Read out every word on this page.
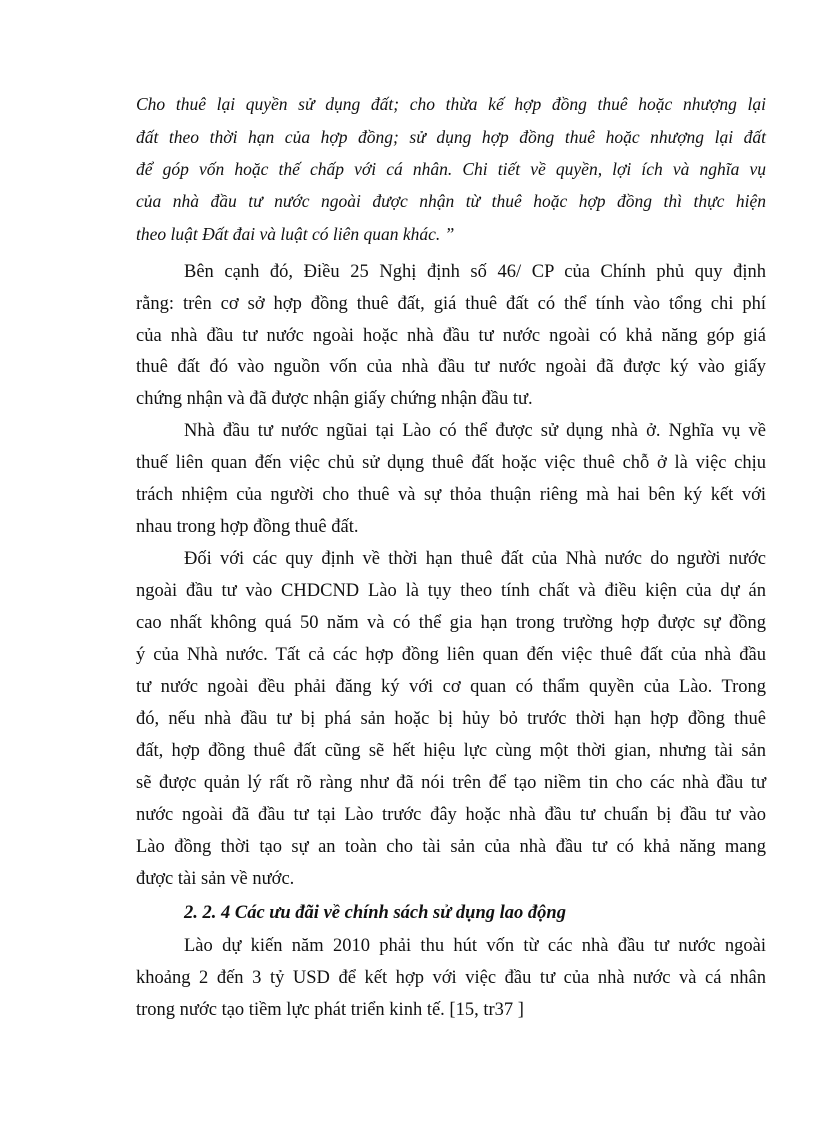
Cho thuê lại quyền sử dụng đất; cho thừa kế hợp đồng thuê hoặc nhượng lại
đất theo thời hạn của hợp đồng; sử dụng hợp đồng thuê hoặc nhượng lại đất
để góp vốn hoặc thế chấp với cá nhân. Chi tiết về quyền, lợi ích và nghĩa vụ
của nhà đầu tư nước ngoài được nhận từ thuê hoặc hợp đồng thì thực hiện
theo luật Đất đai và luật có liên quan khác. ”
Bên cạnh đó, Điều 25 Nghị định số 46/ CP của Chính phủ quy định
rằng: trên cơ sở hợp đồng thuê đất, giá thuê đất có thể tính vào tổng chi phí
của nhà đầu tư nước ngoài hoặc nhà đầu tư nước ngoài có khả năng góp giá
thuê đất đó vào nguồn vốn của nhà đầu tư nước ngoài đã được ký vào giấy
chứng nhận và đã được nhận giấy chứng nhận đầu tư.
Nhà đầu tư nước ngũai tại Lào có thể được sử dụng nhà ở. Nghĩa vụ về
thuế liên quan đến việc chủ sử dụng thuê đất hoặc việc thuê chỗ ở là việc chịu
trách nhiệm của người cho thuê và sự thỏa thuận riêng mà hai bên ký kết với
nhau trong hợp đồng thuê đất.
Đối với các quy định về thời hạn thuê đất của Nhà nước do người nước
ngoài đầu tư vào CHDCND Lào là tụy theo tính chất và điều kiện của dự án
cao nhất không quá 50 năm và có thể gia hạn trong trường hợp được sự đồng
ý của Nhà nước. Tất cả các hợp đồng liên quan đến việc thuê đất của nhà đầu
tư nước ngoài đều phải đăng ký với cơ quan có thẩm quyền của Lào. Trong
đó, nếu nhà đầu tư bị phá sản hoặc bị hủy bỏ trước thời hạn hợp đồng thuê
đất, hợp đồng thuê đất cũng sẽ hết hiệu lực cùng một thời gian, nhưng tài sản
sẽ được quản lý rất rõ ràng như đã nói trên để tạo niềm tin cho các nhà đầu tư
nước ngoài đã đầu tư tại Lào trước đây hoặc nhà đầu tư chuẩn bị đầu tư vào
Lào đồng thời tạo sự an toàn cho tài sản của nhà đầu tư có khả năng mang
được tài sản về nước.
2. 2. 4 Các ưu đãi về chính sách sử dụng lao động
Lào dự kiến năm 2010 phải thu hút vốn từ các nhà đầu tư nước ngoài
khoảng 2 đến 3 tỷ USD để kết hợp với việc đầu tư của nhà nước và cá nhân
trong nước tạo tiềm lực phát triển kinh tế. [15, tr37 ]
